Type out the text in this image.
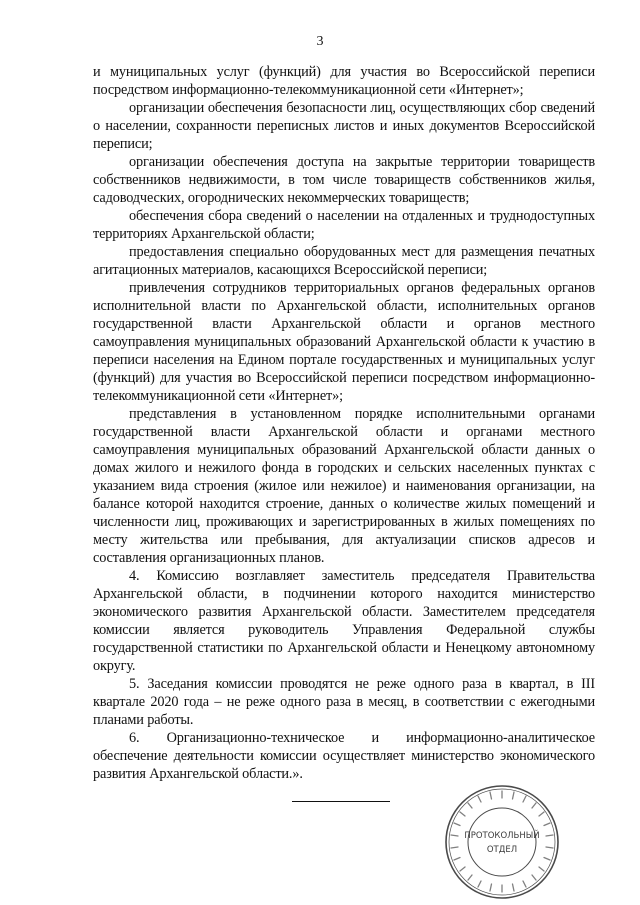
3

и муниципальных услуг (функций) для участия во Всероссийской переписи посредством информационно-телекоммуникационной сети «Интернет»;

организации обеспечения безопасности лиц, осуществляющих сбор сведений о населении, сохранности переписных листов и иных документов Всероссийской переписи;

организации обеспечения доступа на закрытые территории товариществ собственников недвижимости, в том числе товариществ собственников жилья, садоводческих, огороднических некоммерческих товариществ;

обеспечения сбора сведений о населении на отдаленных и труднодоступных территориях Архангельской области;

предоставления специально оборудованных мест для размещения печатных агитационных материалов, касающихся Всероссийской переписи;

привлечения сотрудников территориальных органов федеральных органов исполнительной власти по Архангельской области, исполнительных органов государственной власти Архангельской области и органов местного самоуправления муниципальных образований Архангельской области к участию в переписи населения на Едином портале государственных и муниципальных услуг (функций) для участия во Всероссийской переписи посредством информационно-телекоммуникационной сети «Интернет»;

представления в установленном порядке исполнительными органами государственной власти Архангельской области и органами местного самоуправления муниципальных образований Архангельской области данных о домах жилого и нежилого фонда в городских и сельских населенных пунктах с указанием вида строения (жилое или нежилое) и наименования организации, на балансе которой находится строение, данных о количестве жилых помещений и численности лиц, проживающих и зарегистрированных в жилых помещениях по месту жительства или пребывания, для актуализации списков адресов и составления организационных планов.

4. Комиссию возглавляет заместитель председателя Правительства Архангельской области, в подчинении которого находится министерство экономического развития Архангельской области. Заместителем председателя комиссии является руководитель Управления Федеральной службы государственной статистики по Архангельской области и Ненецкому автономному округу.

5. Заседания комиссии проводятся не реже одного раза в квартал, в III квартале 2020 года – не реже одного раза в месяц, в соответствии с ежегодными планами работы.

6. Организационно-техническое и информационно-аналитическое обеспечение деятельности комиссии осуществляет министерство экономического развития Архангельской области.».

ПРОТОКОЛЬНЫЙ
ОТДЕЛ
